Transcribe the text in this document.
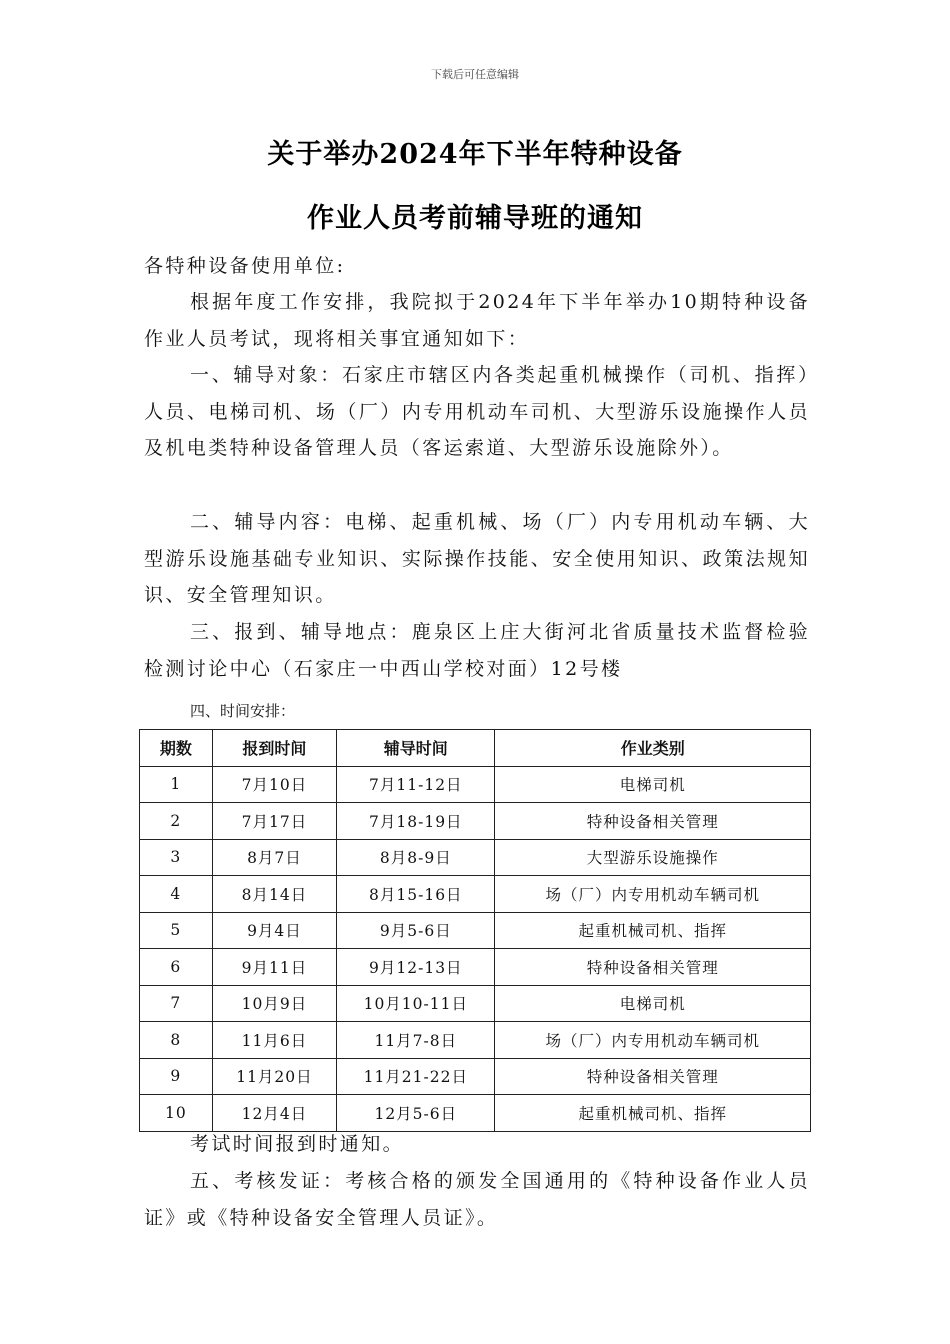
下载后可任意编辑
关于举办2024年下半年特种设备
作业人员考前辅导班的通知
各特种设备使用单位:
根据年度工作安排，我院拟于2024年下半年举办10期特种设备作业人员考试，现将相关事宜通知如下：
一、辅导对象：石家庄市辖区内各类起重机械操作（司机、指挥）人员、电梯司机、场（厂）内专用机动车司机、大型游乐设施操作人员及机电类特种设备管理人员（客运索道、大型游乐设施除外）。
二、辅导内容：电梯、起重机械、场（厂）内专用机动车辆、大型游乐设施基础专业知识、实际操作技能、安全使用知识、政策法规知识、安全管理知识。
三、报到、辅导地点：鹿泉区上庄大街河北省质量技术监督检验检测讨论中心（石家庄一中西山学校对面）12号楼
四、时间安排：
期数	报到时间	辅导时间	作业类别
1	7月10日	7月11-12日	电梯司机
2	7月17日	7月18-19日	特种设备相关管理
3	8月7日	8月8-9日	大型游乐设施操作
4	8月14日	8月15-16日	场（厂）内专用机动车辆司机
5	9月4日	9月5-6日	起重机械司机、指挥
6	9月11日	9月12-13日	特种设备相关管理
7	10月9日	10月10-11日	电梯司机
8	11月6日	11月7-8日	场（厂）内专用机动车辆司机
9	11月20日	11月21-22日	特种设备相关管理
10	12月4日	12月5-6日	起重机械司机、指挥
考试时间报到时通知。
五、考核发证：考核合格的颁发全国通用的《特种设备作业人员证》或《特种设备安全管理人员证》。
